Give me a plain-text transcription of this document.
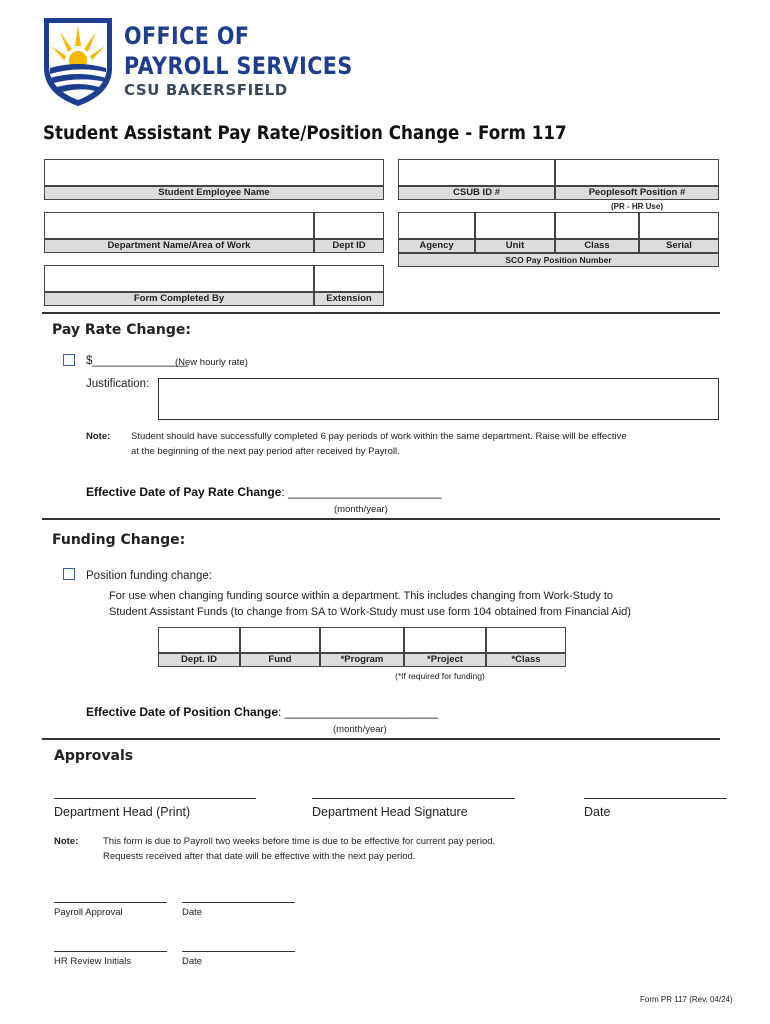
OFFICE OF
PAYROLL SERVICES
CSU BAKERSFIELD
Student Assistant Pay Rate/Position Change - Form 117
Student Employee Name	CSUB ID #	Peoplesoft Position #
(PR - HR Use)
Department Name/Area of Work	Dept ID	Agency	Unit	Class	Serial
SCO Pay Position Number
Form Completed By	Extension
Pay Rate Change:
$_______________
(New hourly rate)
Justification:
Note: Student should have successfully completed 6 pay periods of work within the same department. Raise will be effective
at the beginning of the next pay period after received by Payroll.
Effective Date of Pay Rate Change: _______________________
(month/year)
Funding Change:
Position funding change:
For use when changing funding source within a department. This includes changing from Work-Study to
Student Assistant Funds (to change from SA to Work-Study must use form 104 obtained from Financial Aid)
Dept. ID	Fund	*Program	*Project	*Class
(*If required for funding)
Effective Date of Position Change: _______________________
(month/year)
Approvals
Department Head (Print)	Department Head Signature	Date
Note:	This form is due to Payroll two weeks before time is due to be effective for current pay period.
Requests received after that date will be effective with the next pay period.
Payroll Approval	Date
HR Review Initials	Date
Form PR 117 (Rev. 04/24)
